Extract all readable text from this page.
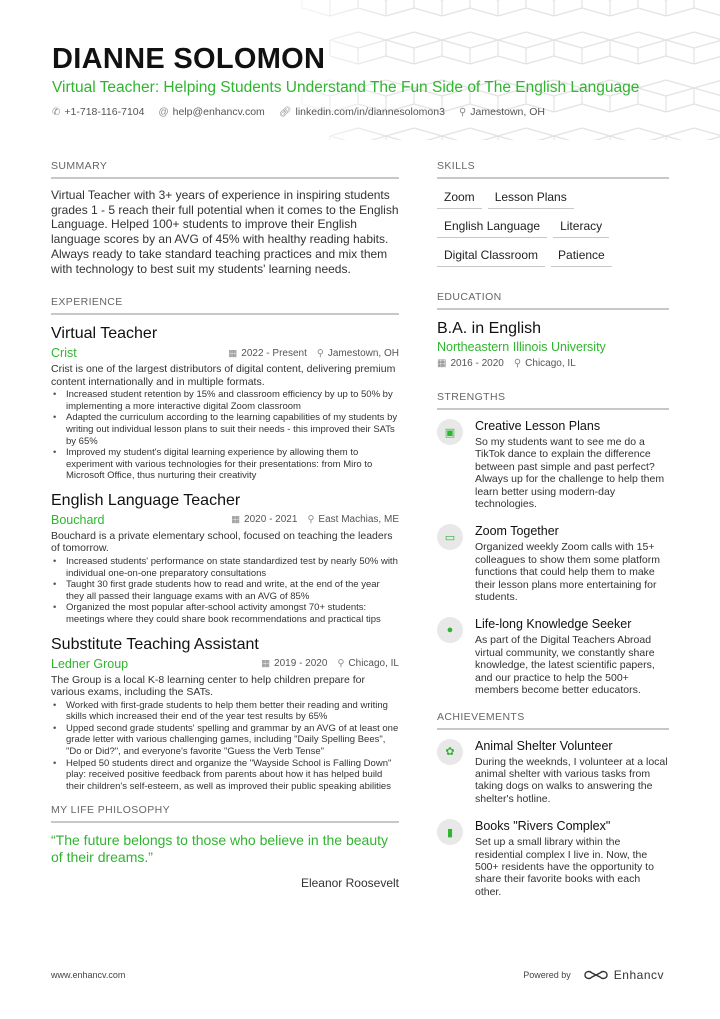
DIANNE SOLOMON
Virtual Teacher: Helping Students Understand The Fun Side of The English Language
✆ +1-718-116-7104 @ help@enhancv.com 🔗︎ linkedin.com/in/diannesolomon3 ⚲ Jamestown, OH
SUMMARY
Virtual Teacher with 3+ years of experience in inspiring students grades 1 - 5 reach their full potential when it comes to the English Language. Helped 100+ students to improve their English language scores by an AVG of 45% with healthy reading habits. Always ready to take standard teaching practices and mix them with technology to best suit my students' learning needs.
EXPERIENCE
Virtual Teacher
Crist	▦ 2022 - Present ⚲ Jamestown, OH
Crist is one of the largest distributors of digital content, delivering premium content internationally and in multiple formats.
• Increased student retention by 15% and classroom efficiency by up to 50% by implementing a more interactive digital Zoom classroom
• Adapted the curriculum according to the learning capabilities of my students by writing out individual lesson plans to suit their needs - this improved their SATs by 65%
• Improved my student's digital learning experience by allowing them to experiment with various technologies for their presentations: from Miro to Microsoft Office, thus nurturing their creativity
English Language Teacher
Bouchard	▦ 2020 - 2021 ⚲ East Machias, ME
Bouchard is a private elementary school, focused on teaching the leaders of tomorrow.
• Increased students' performance on state standardized test by nearly 50% with individual one-on-one preparatory consultations
• Taught 30 first grade students how to read and write, at the end of the year they all passed their language exams with an AVG of 85%
• Organized the most popular after-school activity amongst 70+ students: meetings where they could share book recommendations and practical tips
Substitute Teaching Assistant
Ledner Group	▦ 2019 - 2020 ⚲ Chicago, IL
The Group is a local K-8 learning center to help children prepare for various exams, including the SATs.
• Worked with first-grade students to help them better their reading and writing skills which increased their end of the year test results by 65%
• Upped second grade students' spelling and grammar by an AVG of at least one grade letter with various challenging games, including "Daily Spelling Bees", "Do or Did?", and everyone's favorite "Guess the Verb Tense"
• Helped 50 students direct and organize the "Wayside School is Falling Down" play: received positive feedback from parents about how it has helped build their children's self-esteem, as well as improved their public speaking abilities
MY LIFE PHILOSOPHY
“The future belongs to those who believe in the beauty of their dreams.”
Eleanor Roosevelt
SKILLS
Zoom	Lesson Plans
English Language	Literacy
Digital Classroom	Patience
EDUCATION
B.A. in English
Northeastern Illinois University
▦ 2016 - 2020 ⚲ Chicago, IL
STRENGTHS
▣ Creative Lesson Plans
So my students want to see me do a TikTok dance to explain the difference between past simple and past perfect? Always up for the challenge to help them learn better using modern-day technologies.
▭ Zoom Together
Organized weekly Zoom calls with 15+ colleagues to show them some platform functions that could help them to make their lesson plans more entertaining for students.
● Life-long Knowledge Seeker
As part of the Digital Teachers Abroad virtual community, we constantly share knowledge, the latest scientific papers, and our practice to help the 500+ members become better educators.
ACHIEVEMENTS
✿ Animal Shelter Volunteer
During the weeknds, I volunteer at a local animal shelter with various tasks from taking dogs on walks to answering the shelter's hotline.
▮ Books "Rivers Complex"
Set up a small library within the residential complex I live in. Now, the 500+ residents have the opportunity to share their favorite books with each other.
www.enhancv.com	Powered by	Enhancv
